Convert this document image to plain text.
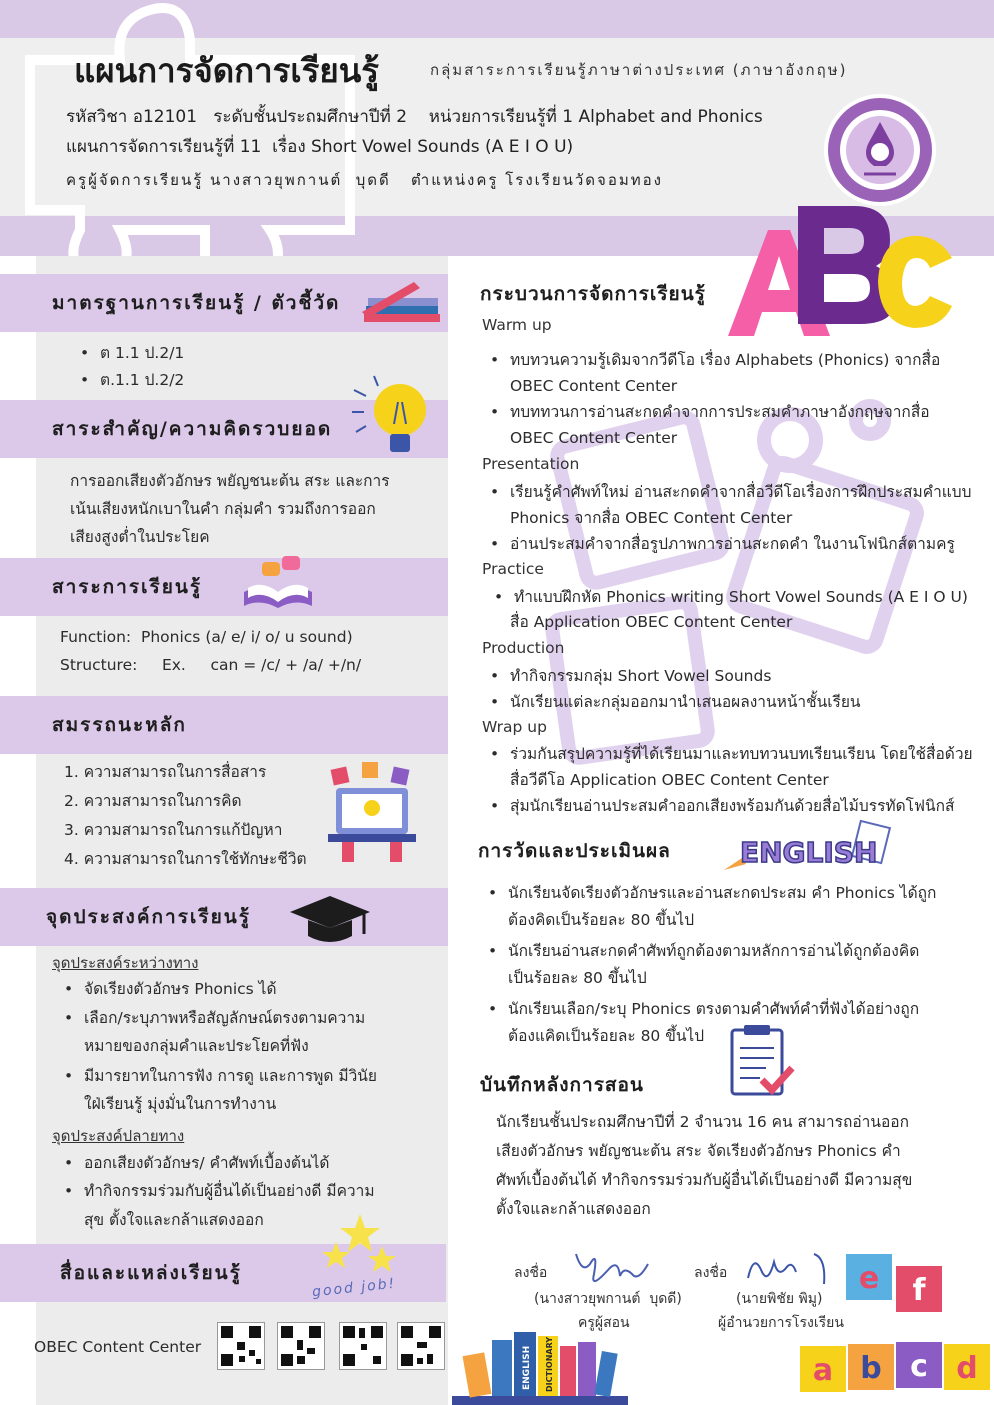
แผนการจัดการเรียนรู้	กลุ่มสาระการเรียนรู้ภาษาต่างประเทศ (ภาษาอังกฤษ)
รหัสวิชา อ12101   ระดับชั้นประถมศึกษาปีที่ 2    หน่วยการเรียนรู้ที่ 1 Alphabet and Phonics
แผนการจัดการเรียนรู้ที่ 11  เรื่อง Short Vowel Sounds (A E I O U)
ครูผู้จัดการเรียนรู้ นางสาวยุพกานต์  บุดดี   ตำแหน่งครู โรงเรียนวัดจอมทอง
มาตรฐานการเรียนรู้ / ตัวชี้วัด
• ต 1.1 ป.2/1
• ต.1.1 ป.2/2
สาระสำคัญ/ความคิดรวบยอด
การออกเสียงตัวอักษร พยัญชนะต้น สระ และการ
เน้นเสียงหนักเบาในคำ กลุ่มคำ รวมถึงการออก
เสียงสูงต่ำในประโยค
สาระการเรียนรู้
Function:  Phonics (a/ e/ i/ o/ u sound)
Structure:     Ex.     can = /c/ + /a/ +/n/
สมรรถนะหลัก
1. ความสามารถในการสื่อสาร
2. ความสามารถในการคิด
3. ความสามารถในการแก้ปัญหา
4. ความสามารถในการใช้ทักษะชีวิต
จุดประสงค์การเรียนรู้
จุดประสงค์ระหว่างทาง
• จัดเรียงตัวอักษร Phonics ได้
• เลือก/ระบุภาพหรือสัญลักษณ์ตรงตามความ
หมายของกลุ่มคำและประโยคที่ฟัง
• มีมารยาทในการฟัง การดู และการพูด มีวินัย
ใฝ่เรียนรู้ มุ่งมั่นในการทำงาน
จุดประสงค์ปลายทาง
• ออกเสียงตัวอักษร/ คำศัพท์เบื้องต้นได้
• ทำกิจกรรมร่วมกับผู้อื่นได้เป็นอย่างดี มีความ
สุข ตั้งใจและกล้าแสดงออก
สื่อและแหล่งเรียนรู้
good job!
OBEC Content Center
กระบวนการจัดการเรียนรู้
Warm up
• ทบทวนความรู้เดิมจากวีดีโอ เรื่อง Alphabets (Phonics) จากสื่อ
OBEC Content Center
• ทบททวนการอ่านสะกดคำจากการประสมคำภาษาอังกฤษจากสื่อ
OBEC Content Center
Presentation
• เรียนรู้คำศัพท์ใหม่ อ่านสะกดคำจากสื่อวีดีโอเรื่องการฝึกประสมคำแบบ
Phonics จากสื่อ OBEC Content Center
• อ่านประสมคำจากสื่อรูปภาพการอ่านสะกดคำ ในงานโฟนิกส์ตามครู
Practice
• ทำแบบฝึกหัด Phonics writing Short Vowel Sounds (A E I O U)
สื่อ Application OBEC Content Center
Production
• ทำกิจกรรมกลุ่ม Short Vowel Sounds
• นักเรียนแต่ละกลุ่มออกมานำเสนอผลงานหน้าชั้นเรียน
Wrap up
• ร่วมกันสรุปความรู้ที่ได้เรียนมาและทบทวนบทเรียนเรียน โดยใช้สื่อด้วย
สื่อวีดีโอ Application OBEC Content Center
• สุ่มนักเรียนอ่านประสมคำออกเสียงพร้อมกันด้วยสื่อไม้บรรทัดโฟนิกส์
การวัดและประเมินผล ENGLISH
• นักเรียนจัดเรียงตัวอักษรและอ่านสะกดประสม คำ Phonics ได้ถูก
ต้องคิดเป็นร้อยละ 80 ขึ้นไป
• นักเรียนอ่านสะกดคำศัพท์ถูกต้องตามหลักการอ่านได้ถูกต้องคิด
เป็นร้อยละ 80 ขึ้นไป
• นักเรียนเลือก/ระบุ Phonics ตรงตามคำศัพท์คำที่ฟังได้อย่างถูก
ต้องแคิดเป็นร้อยละ 80 ขึ้นไป
บันทึกหลังการสอน
นักเรียนชั้นประถมศึกษาปีที่ 2 จำนวน 16 คน สามารถอ่านออก
เสียงตัวอักษร พยัญชนะต้น สระ จัดเรียงตัวอักษร Phonics คำ
ศัพท์เบื้องต้นได้ ทำกิจกรรมร่วมกับผู้อื่นได้เป็นอย่างดี มีความสุข
ตั้งใจและกล้าแสดงออก
ลงชื่อ
(นางสาวยุพกานต์  บุดดี)
ครูผู้สอน
ลงชื่อ
(นายพิชัย พิมู)
ผู้อำนวยการโรงเรียน
ENGLISH DICTIONARY
e f
a b c d
